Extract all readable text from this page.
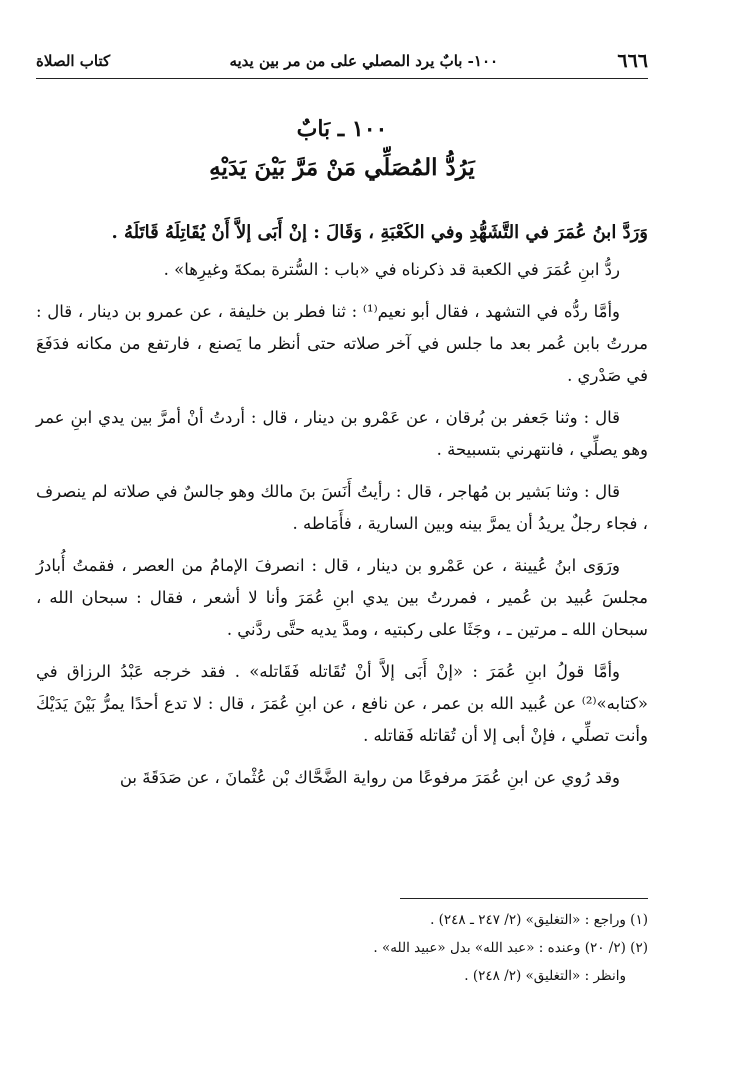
٦٦٦
١٠٠- بابٌ يرد المصلي على من مر بين يديه
كتاب الصلاة
١٠٠ ـ بَابٌ
يَرُدُّ المُصَلِّي مَنْ مَرَّ بَيْنَ يَدَيْهِ

وَرَدَّ ابنُ عُمَرَ في التَّشَهُّدِ وفي الكَعْبَةِ ، وَقَالَ : إنْ أَبَى إلاَّ أَنْ يُقَاتِلَهُ قَاتَلَهُ .

ردُّ ابنِ عُمَرَ في الكعبة قد ذكرناه في «باب : السُّترة بمكةَ وغيرِها» .

وأمَّا ردُّه في التشهد ، فقال أبو نعيم⁽¹⁾ : ثنا فطر بن خليفة ، عن عمرو بن دينار ، قال : مررتُ بابن عُمر بعد ما جلس في آخر صلاته حتى أنظر ما يَصنع ، فارتفع من مكانه فدَفَعَ في صَدْري .

قال : وثنا جَعفر بن بُرقان ، عن عَمْرو بن دينار ، قال : أردتُ أنْ أمرَّ بين يدي ابنِ عمر وهو يصلِّي ، فانتهرني بتسبيحة .

قال : وثنا بَشير بن مُهاجر ، قال : رأيتُ أَنَسَ بنَ مالك وهو جالسٌ في صلاته لم ينصرف ، فجاء رجلٌ يريدُ أن يمرَّ بينه وبين السارية ، فأَمَاطه .

ورَوَى ابنُ عُيينة ، عن عَمْرو بن دينار ، قال : انصرفَ الإمامُ من العصر ، فقمتُ أُبادرُ مجلسَ عُبيد بن عُمير ، فمررتُ بين يدي ابنِ عُمَرَ وأنا لا أشعر ، فقال : سبحان الله ، سبحان الله ـ مرتين ـ ، وجَثَا على ركبتيه ، ومدَّ يديه حتَّى ردَّني .

وأمَّا قولُ ابنِ عُمَرَ : «إنْ أَبَى إلاَّ أنْ تُقَاتله فَقَاتله» . فقد خرجه عَبْدُ الرزاق في «كتابه»⁽²⁾ عن عُبيد الله بن عمر ، عن نافع ، عن ابنِ عُمَرَ ، قال : لا تدع أحدًا يمرُّ بَيْنَ يَدَيْكَ وأنت تصلِّي ، فإنْ أبى إلا أن تُقاتله فَقاتله .

وقد رُوي عن ابنِ عُمَرَ مرفوعًا من رواية الضَّحَّاك بْن عُثْمانَ ، عن صَدَقَةَ بن

(١) وراجع : «التغليق» (٢/ ٢٤٧ ـ ٢٤٨) .

(٢) (٢/ ٢٠) وعنده : «عبد الله» بدل «عبيد الله» .

وانظر : «التغليق» (٢/ ٢٤٨) .
